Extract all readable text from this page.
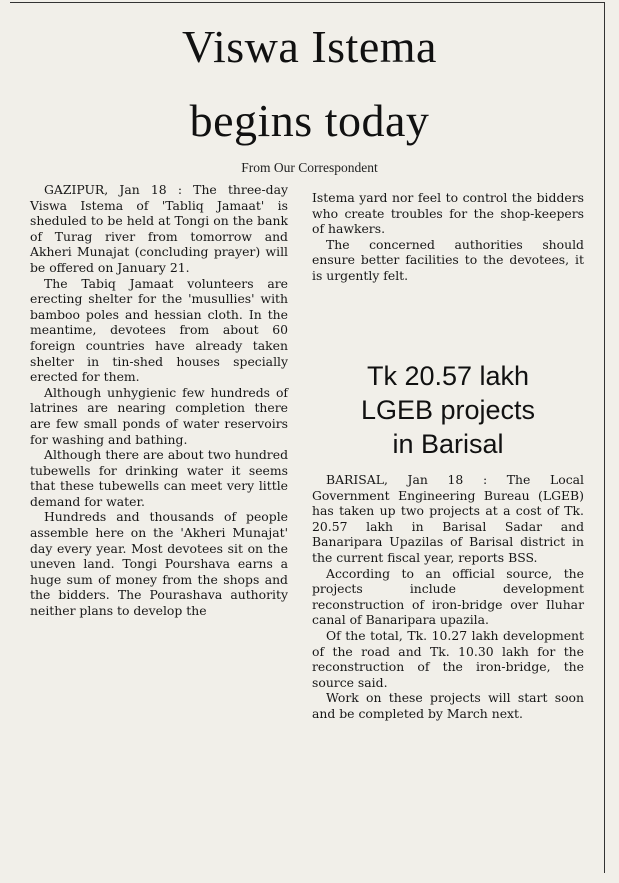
Viswa Istema
begins today
From Our Correspondent

GAZIPUR, Jan 18 : The three-day Viswa Istema of 'Tabliq Jamaat' is sheduled to be held at Tongi on the bank of Turag river from tomorrow and Akheri Munajat (concluding prayer) will be offered on January 21.

The Tabiq Jamaat volunteers are erecting shelter for the 'musullies' with bamboo poles and hessian cloth. In the meantime, devotees from about 60 foreign countries have already taken shelter in tin-shed houses specially erected for them.

Although unhygienic few hundreds of latrines are nearing completion there are few small ponds of water reservoirs for washing and bathing.

Although there are about two hundred tubewells for drinking water it seems that these tubewells can meet very little demand for water.

Hundreds and thousands of people assemble here on the 'Akheri Munajat' day every year. Most devotees sit on the uneven land. Tongi Pourshava earns a huge sum of money from the shops and the bidders. The Pourashava authority neither plans to develop the

Istema yard nor feel to control the bidders who create troubles for the shop-keepers of hawkers.

The concerned authorities should ensure better facilities to the devotees, it is urgently felt.

Tk 20.57 lakh
LGEB projects
in Barisal

BARISAL, Jan 18 : The Local Government Engineering Bureau (LGEB) has taken up two projects at a cost of Tk. 20.57 lakh in Barisal Sadar and Banaripara Upazilas of Barisal district in the current fiscal year, reports BSS.

According to an official source, the projects include development reconstruction of iron-bridge over Iluhar canal of Banaripara upazila.

Of the total, Tk. 10.27 lakh development of the road and Tk. 10.30 lakh for the reconstruction of the iron-bridge, the source said.

Work on these projects will start soon and be completed by March next.
